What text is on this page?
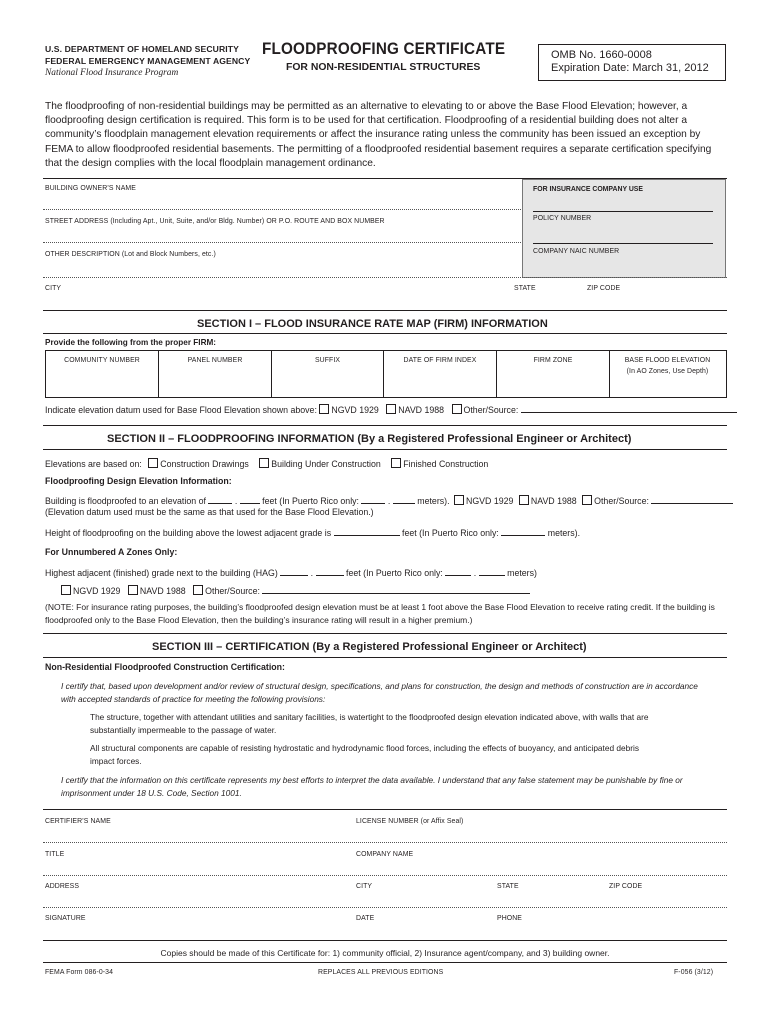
U.S. DEPARTMENT OF HOMELAND SECURITY
FEDERAL EMERGENCY MANAGEMENT AGENCY
National Flood Insurance Program
FLOODPROOFING CERTIFICATE
FOR NON-RESIDENTIAL STRUCTURES
OMB No. 1660-0008
Expiration Date: March 31, 2012
The floodproofing of non-residential buildings may be permitted as an alternative to elevating to or above the Base Flood Elevation; however, a floodproofing design certification is required. This form is to be used for that certification. Floodproofing of a residential building does not alter a community’s floodplain management elevation requirements or affect the insurance rating unless the community has been issued an exception by FEMA to allow floodproofed residential basements. The permitting of a floodproofed residential basement requires a separate certification specifying that the design complies with the local floodplain management ordinance.
BUILDING OWNER’S NAME	FOR INSURANCE COMPANY USE
POLICY NUMBER
STREET ADDRESS (Including Apt., Unit, Suite, and/or Bldg. Number) OR P.O. ROUTE AND BOX NUMBER
COMPANY NAIC NUMBER
OTHER DESCRIPTION (Lot and Block Numbers, etc.)
CITY	STATE	ZIP CODE
SECTION I – FLOOD INSURANCE RATE MAP (FIRM) INFORMATION
Provide the following from the proper FIRM:
COMMUNITY NUMBER	PANEL NUMBER	SUFFIX	DATE OF FIRM INDEX	FIRM ZONE	BASE FLOOD ELEVATION
(In AO Zones, Use Depth)
Indicate elevation datum used for Base Flood Elevation shown above: NGVD 1929 NAVD 1988 Other/Source:
SECTION II – FLOODPROOFING INFORMATION (By a Registered Professional Engineer or Architect)
Elevations are based on: Construction Drawings	Building Under Construction	Finished Construction
Floodproofing Design Elevation Information:
Building is floodproofed to an elevation of	.	feet (In Puerto Rico only:	.	meters). NGVD 1929 NAVD 1988 Other/Source:
(Elevation datum used must be the same as that used for the Base Flood Elevation.)
Height of floodproofing on the building above the lowest adjacent grade is	feet (In Puerto Rico only:	meters).
For Unnumbered A Zones Only:
Highest adjacent (finished) grade next to the building (HAG)	.	feet (In Puerto Rico only:	.	meters)
NGVD 1929 NAVD 1988 Other/Source:
(NOTE: For insurance rating purposes, the building’s floodproofed design elevation must be at least 1 foot above the Base Flood Elevation to receive rating credit. If the building is floodproofed only to the Base Flood Elevation, then the building’s insurance rating will result in a higher premium.)
SECTION III – CERTIFICATION (By a Registered Professional Engineer or Architect)
Non-Residential Floodproofed Construction Certification:
I certify that, based upon development and/or review of structural design, specifications, and plans for construction, the design and methods of construction are in accordance with accepted standards of practice for meeting the following provisions:
The structure, together with attendant utilities and sanitary facilities, is watertight to the floodproofed design elevation indicated above, with walls that are substantially impermeable to the passage of water.
All structural components are capable of resisting hydrostatic and hydrodynamic flood forces, including the effects of buoyancy, and anticipated debris impact forces.
I certify that the information on this certificate represents my best efforts to interpret the data available. I understand that any false statement may be punishable by fine or imprisonment under 18 U.S. Code, Section 1001.
CERTIFIER’S NAME	LICENSE NUMBER (or Affix Seal)
TITLE	COMPANY NAME
ADDRESS	CITY	STATE	ZIP CODE
SIGNATURE	DATE	PHONE
Copies should be made of this Certificate for: 1) community official, 2) Insurance agent/company, and 3) building owner.
FEMA Form 086-0-34	REPLACES ALL PREVIOUS EDITIONS	F-056 (3/12)
